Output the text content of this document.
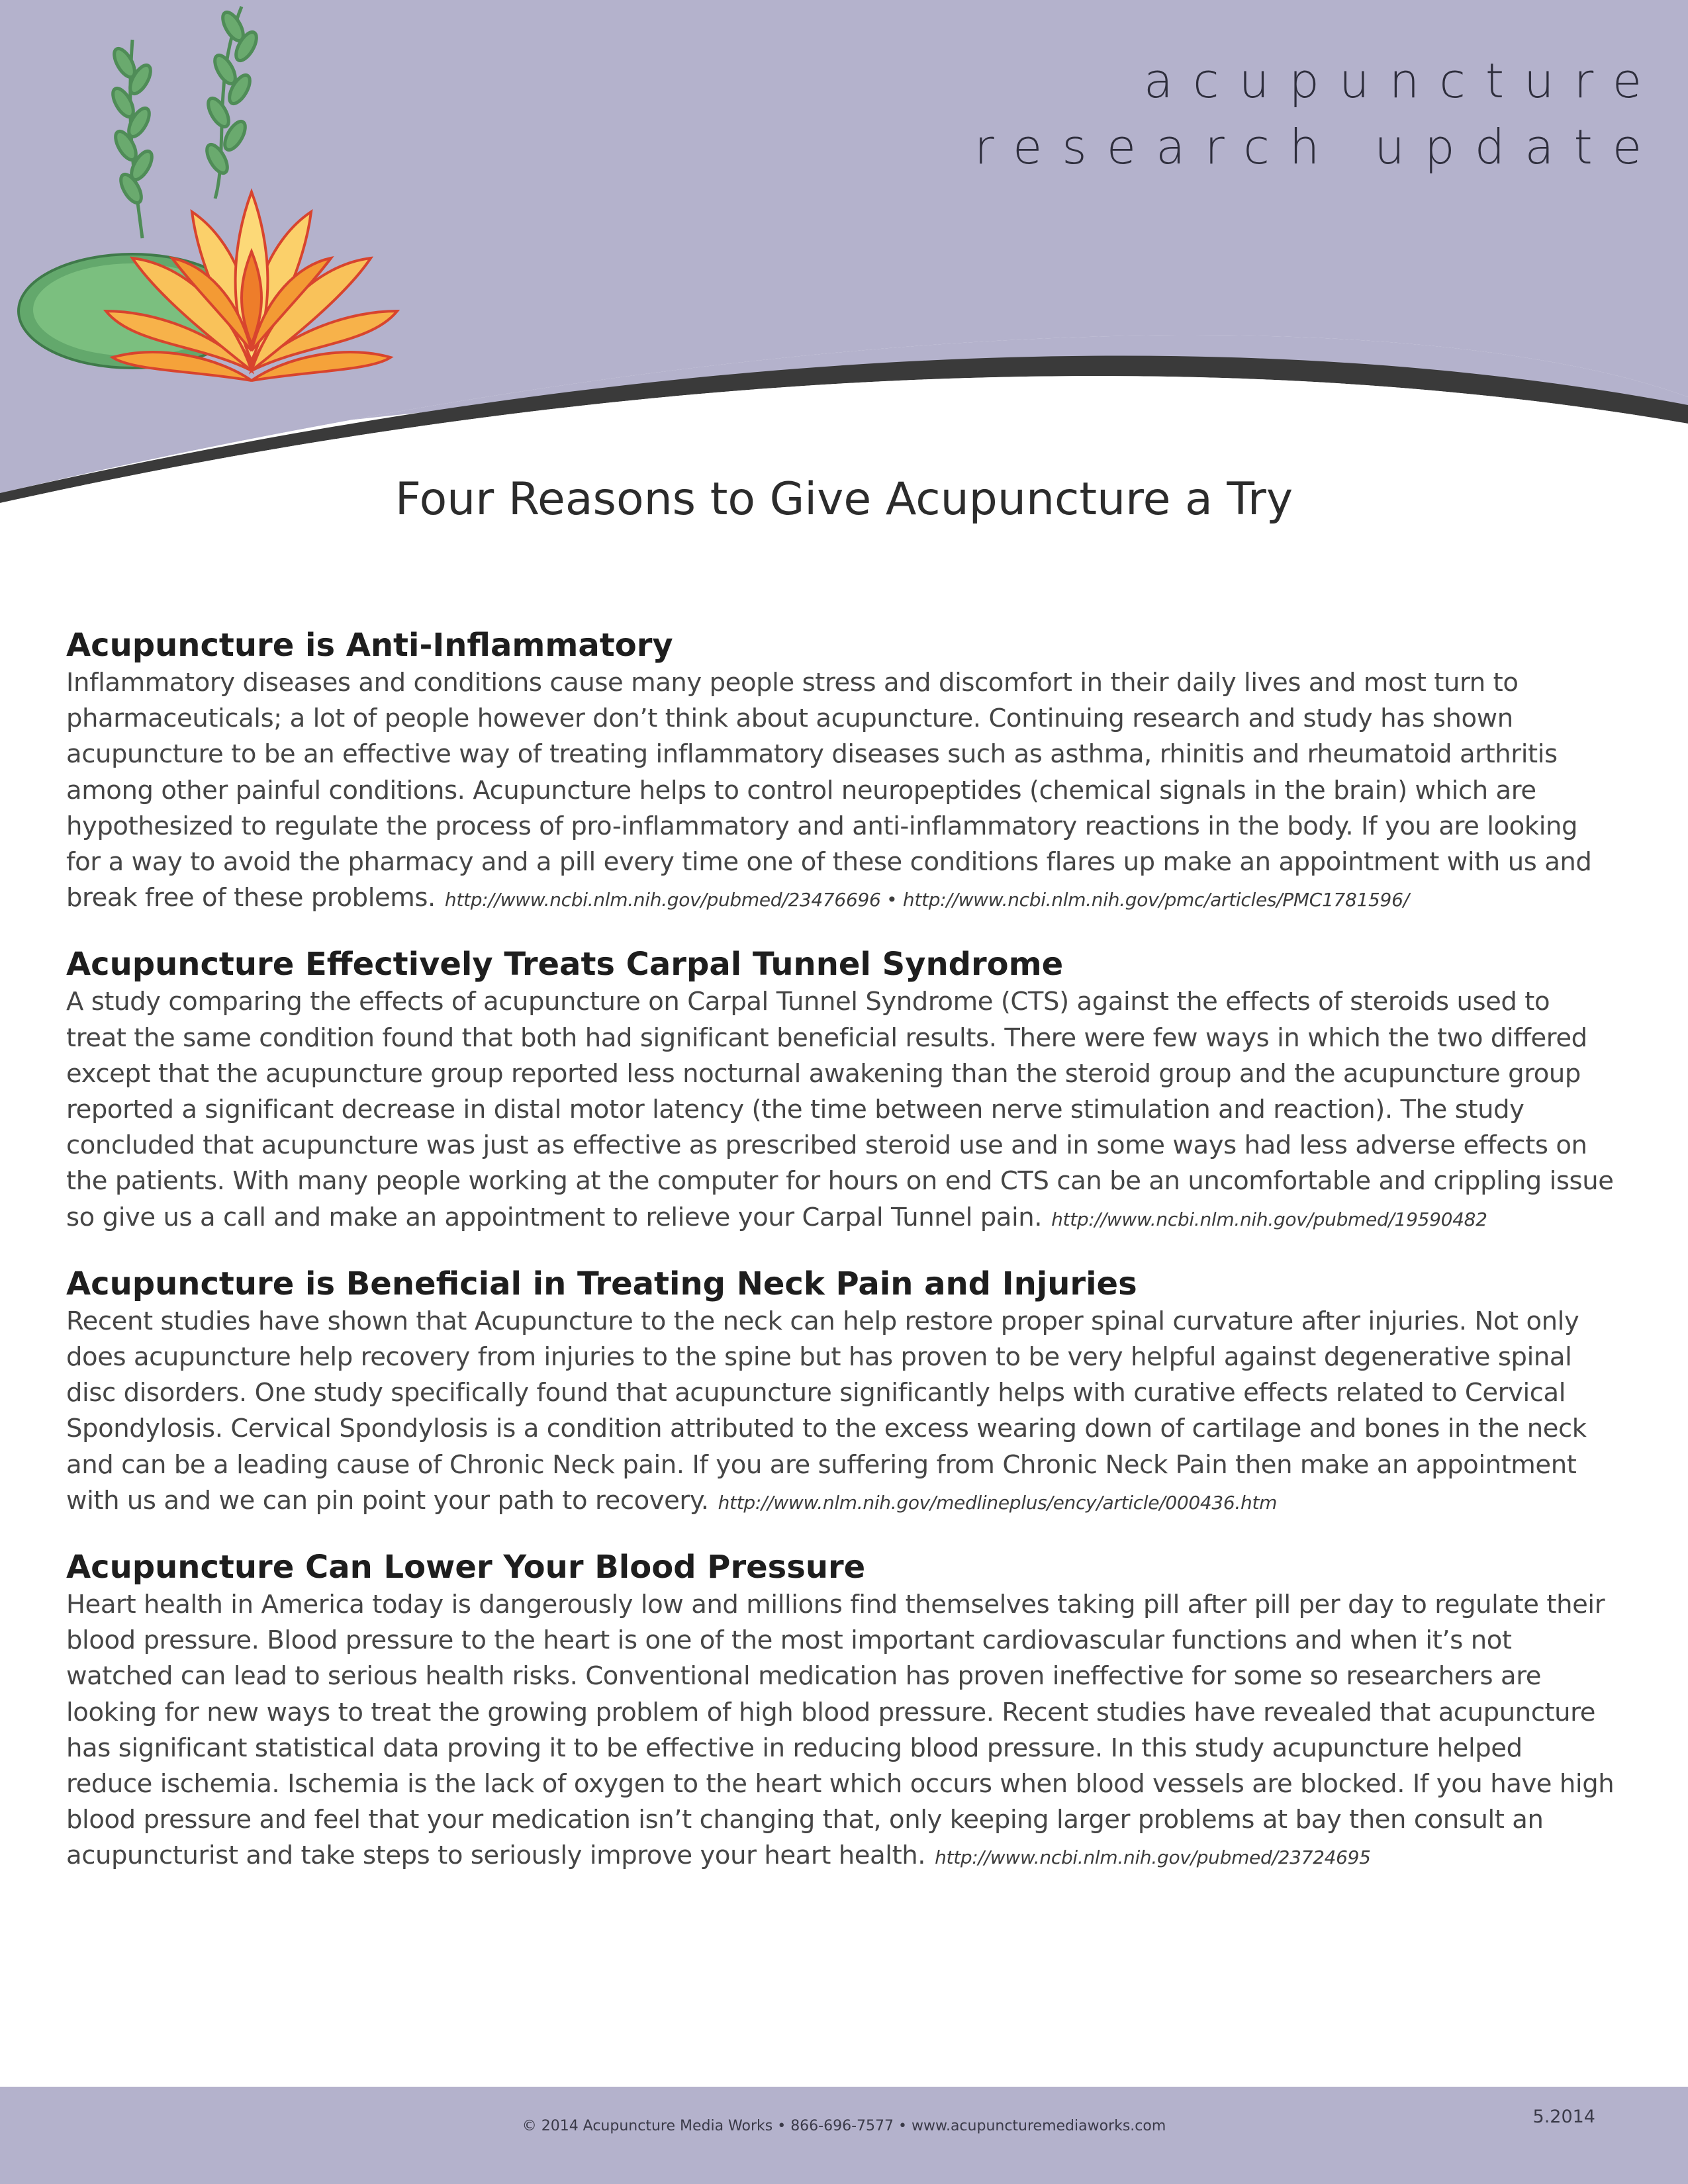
acupuncture
research update
Four Reasons to Give Acupuncture a Try
Acupuncture is Anti-Inflammatory

Inflammatory diseases and conditions cause many people stress and discomfort in their daily lives and most turn to pharmaceuticals; a lot of people however don’t think about acupuncture. Continuing research and study has shown acupuncture to be an effective way of treating inflammatory diseases such as asthma, rhinitis and rheumatoid arthritis among other painful conditions. Acupuncture helps to control neuropeptides (chemical signals in the brain) which are hypothesized to regulate the process of pro-inflammatory and anti-inflammatory reactions in the body. If you are looking for a way to avoid the pharmacy and a pill every time one of these conditions flares up make an appointment with us and break free of these problems. http://www.ncbi.nlm.nih.gov/pubmed/23476696 • http://www.ncbi.nlm.nih.gov/pmc/articles/PMC1781596/

Acupuncture Effectively Treats Carpal Tunnel Syndrome

A study comparing the effects of acupuncture on Carpal Tunnel Syndrome (CTS) against the effects of steroids used to treat the same condition found that both had significant beneficial results. There were few ways in which the two differed except that the acupuncture group reported less nocturnal awakening than the steroid group and the acupuncture group reported a significant decrease in distal motor latency (the time between nerve stimulation and reaction). The study concluded that acupuncture was just as effective as prescribed steroid use and in some ways had less adverse effects on the patients. With many people working at the computer for hours on end CTS can be an uncomfortable and crippling issue so give us a call and make an appointment to relieve your Carpal Tunnel pain. http://www.ncbi.nlm.nih.gov/pubmed/19590482

Acupuncture is Beneficial in Treating Neck Pain and Injuries

Recent studies have shown that Acupuncture to the neck can help restore proper spinal curvature after injuries. Not only does acupuncture help recovery from injuries to the spine but has proven to be very helpful against degenerative spinal disc disorders. One study specifically found that acupuncture significantly helps with curative effects related to Cervical Spondylosis. Cervical Spondylosis is a condition attributed to the excess wearing down of cartilage and bones in the neck and can be a leading cause of Chronic Neck pain. If you are suffering from Chronic Neck Pain then make an appointment with us and we can pin point your path to recovery. http://www.nlm.nih.gov/medlineplus/ency/article/000436.htm

Acupuncture Can Lower Your Blood Pressure

Heart health in America today is dangerously low and millions find themselves taking pill after pill per day to regulate their blood pressure. Blood pressure to the heart is one of the most important cardiovascular functions and when it’s not watched can lead to serious health risks. Conventional medication has proven ineffective for some so researchers are looking for new ways to treat the growing problem of high blood pressure. Recent studies have revealed that acupuncture has significant statistical data proving it to be effective in reducing blood pressure. In this study acupuncture helped reduce ischemia. Ischemia is the lack of oxygen to the heart which occurs when blood vessels are blocked. If you have high blood pressure and feel that your medication isn’t changing that, only keeping larger problems at bay then consult an acupuncturist and take steps to seriously improve your heart health. http://www.ncbi.nlm.nih.gov/pubmed/23724695

© 2014 Acupuncture Media Works • 866-696-7577 • www.acupuncturemediaworks.com	5.2014
